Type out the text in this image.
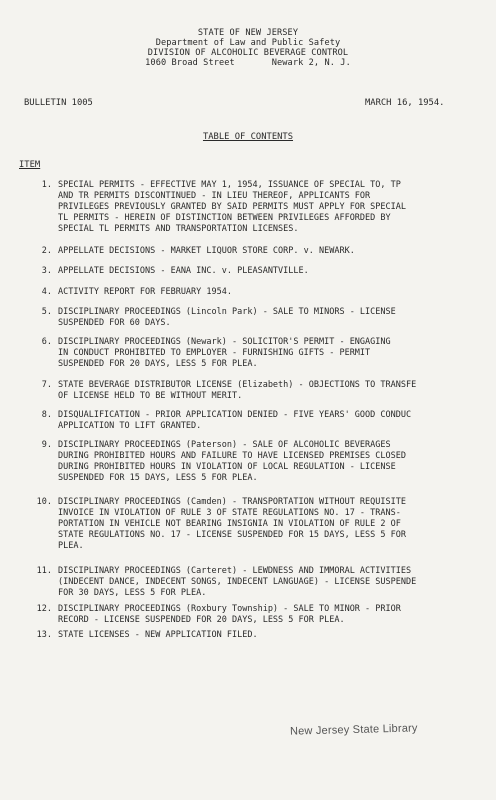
STATE OF NEW JERSEY
Department of Law and Public Safety
DIVISION OF ALCOHOLIC BEVERAGE CONTROL
1060 Broad Street       Newark 2, N. J.
BULLETIN 1005	MARCH 16, 1954.
TABLE OF CONTENTS
ITEM
1. SPECIAL PERMITS - EFFECTIVE MAY 1, 1954, ISSUANCE OF SPECIAL TO, TP
AND TR PERMITS DISCONTINUED - IN LIEU THEREOF, APPLICANTS FOR
PRIVILEGES PREVIOUSLY GRANTED BY SAID PERMITS MUST APPLY FOR SPECIAL
TL PERMITS - HEREIN OF DISTINCTION BETWEEN PRIVILEGES AFFORDED BY
SPECIAL TL PERMITS AND TRANSPORTATION LICENSES.
2. APPELLATE DECISIONS - MARKET LIQUOR STORE CORP. v. NEWARK.
3. APPELLATE DECISIONS - EANA INC. v. PLEASANTVILLE.
4. ACTIVITY REPORT FOR FEBRUARY 1954.
5. DISCIPLINARY PROCEEDINGS (Lincoln Park) - SALE TO MINORS - LICENSE
SUSPENDED FOR 60 DAYS.
6. DISCIPLINARY PROCEEDINGS (Newark) - SOLICITOR'S PERMIT - ENGAGING
IN CONDUCT PROHIBITED TO EMPLOYER - FURNISHING GIFTS - PERMIT
SUSPENDED FOR 20 DAYS, LESS 5 FOR PLEA.
7. STATE BEVERAGE DISTRIBUTOR LICENSE (Elizabeth) - OBJECTIONS TO TRANSFE
OF LICENSE HELD TO BE WITHOUT MERIT.
8. DISQUALIFICATION - PRIOR APPLICATION DENIED - FIVE YEARS' GOOD CONDUC
APPLICATION TO LIFT GRANTED.
9. DISCIPLINARY PROCEEDINGS (Paterson) - SALE OF ALCOHOLIC BEVERAGES
DURING PROHIBITED HOURS AND FAILURE TO HAVE LICENSED PREMISES CLOSED
DURING PROHIBITED HOURS IN VIOLATION OF LOCAL REGULATION - LICENSE
SUSPENDED FOR 15 DAYS, LESS 5 FOR PLEA.
10. DISCIPLINARY PROCEEDINGS (Camden) - TRANSPORTATION WITHOUT REQUISITE
INVOICE IN VIOLATION OF RULE 3 OF STATE REGULATIONS NO. 17 - TRANS-
PORTATION IN VEHICLE NOT BEARING INSIGNIA IN VIOLATION OF RULE 2 OF
STATE REGULATIONS NO. 17 - LICENSE SUSPENDED FOR 15 DAYS, LESS 5 FOR
PLEA.
11. DISCIPLINARY PROCEEDINGS (Carteret) - LEWDNESS AND IMMORAL ACTIVITIES
(INDECENT DANCE, INDECENT SONGS, INDECENT LANGUAGE) - LICENSE SUSPENDE
FOR 30 DAYS, LESS 5 FOR PLEA.
12. DISCIPLINARY PROCEEDINGS (Roxbury Township) - SALE TO MINOR - PRIOR
RECORD - LICENSE SUSPENDED FOR 20 DAYS, LESS 5 FOR PLEA.
13. STATE LICENSES - NEW APPLICATION FILED.
New Jersey State Library
